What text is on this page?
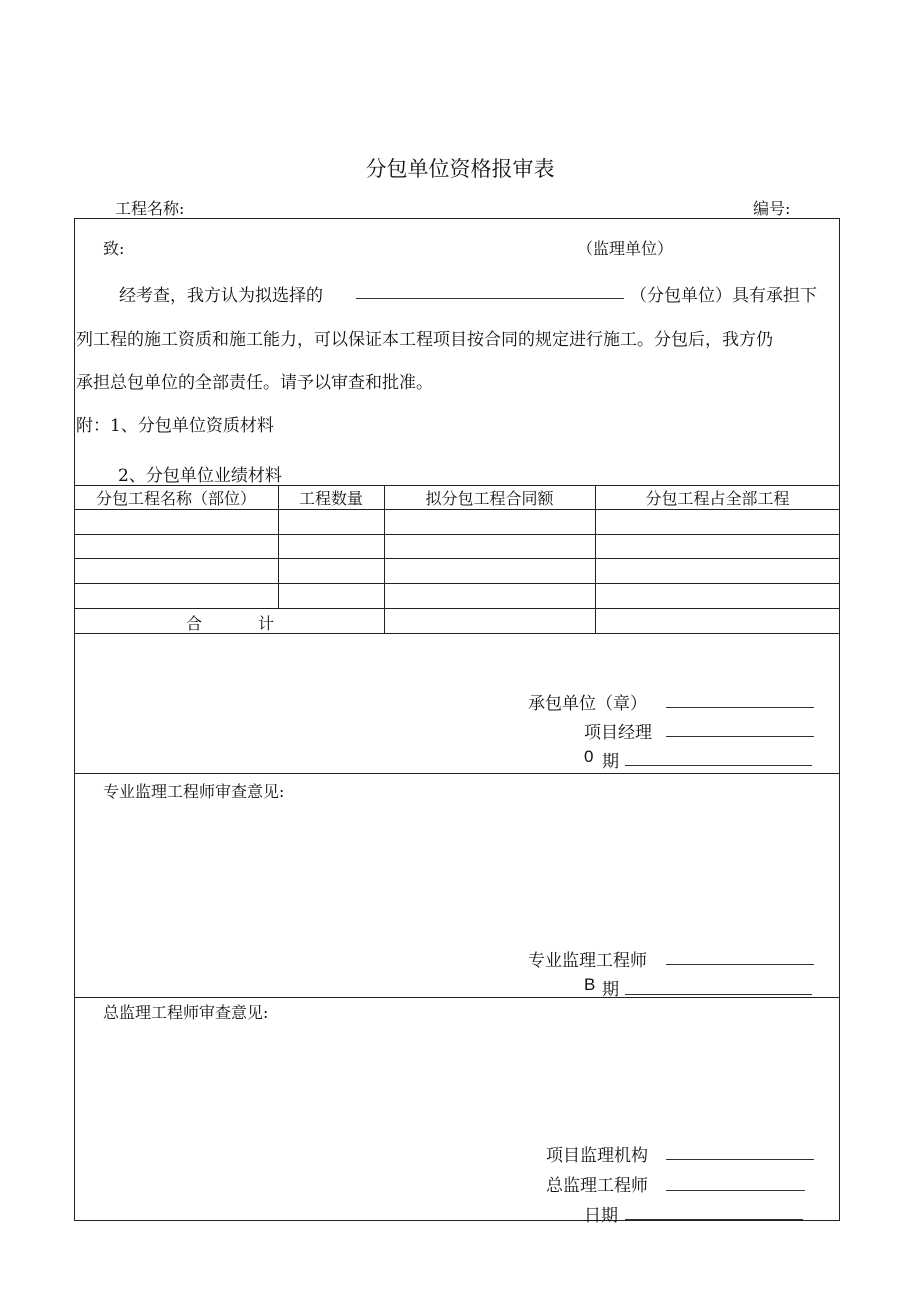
分包单位资格报审表
工程名称:	编号:
致:	（监理单位）
经考查，我方认为拟选择的	（分包单位）具有承担下
列工程的施工资质和施工能力，可以保证本工程项目按合同的规定进行施工。分包后，我方仍
承担总包单位的全部责任。请予以审查和批准。
附：1、分包单位资质材料
2、分包单位业绩材料
分包工程名称（部位）	工程数量	拟分包工程合同额	分包工程占全部工程
合	计
承包单位（章）
项目经理
0 期
专业监理工程师审查意见:
专业监理工程师
B 期
总监理工程师审查意见:
项目监理机构
总监理工程师
日期
